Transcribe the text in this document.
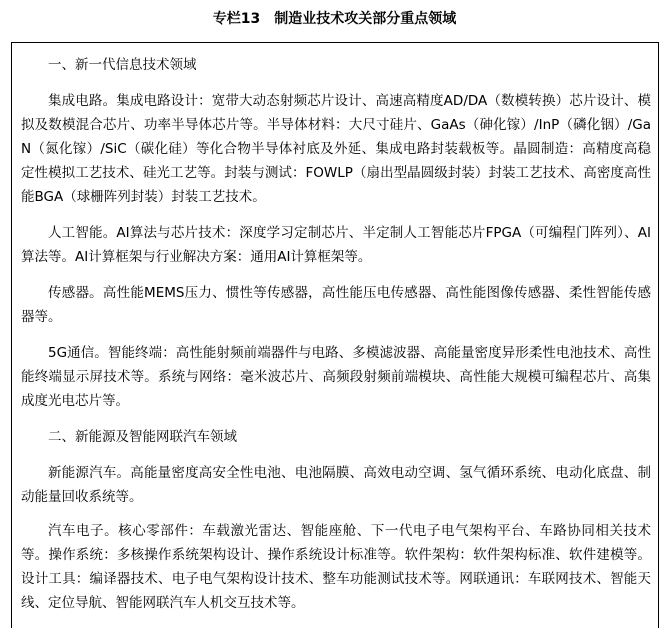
专栏13　制造业技术攻关部分重点领域

一、新一代信息技术领域

集成电路。集成电路设计：宽带大动态射频芯片设计、高速高精度AD/DA（数模转换）芯片设计、模拟及数模混合芯片、功率半导体芯片等。半导体材料：大尺寸硅片、GaAs（砷化镓）/InP（磷化铟）/GaN（氮化镓）/SiC（碳化硅）等化合物半导体衬底及外延、集成电路封装载板等。晶圆制造：高精度高稳定性模拟工艺技术、硅光工艺等。封装与测试：FOWLP（扇出型晶圆级封装）封装工艺技术、高密度高性能BGA（球栅阵列封装）封装工艺技术。

人工智能。AI算法与芯片技术：深度学习定制芯片、半定制人工智能芯片FPGA（可编程门阵列）、AI算法等。AI计算框架与行业解决方案：通用AI计算框架等。

传感器。高性能MEMS压力、惯性等传感器，高性能压电传感器、高性能图像传感器、柔性智能传感器等。

5G通信。智能终端：高性能射频前端器件与电路、多模滤波器、高能量密度异形柔性电池技术、高性能终端显示屏技术等。系统与网络：毫米波芯片、高频段射频前端模块、高性能大规模可编程芯片、高集成度光电芯片等。

二、新能源及智能网联汽车领域

新能源汽车。高能量密度高安全性电池、电池隔膜、高效电动空调、氢气循环系统、电动化底盘、制动能量回收系统等。

汽车电子。核心零部件：车载激光雷达、智能座舱、下一代电子电气架构平台、车路协同相关技术等。操作系统：多核操作系统架构设计、操作系统设计标准等。软件架构：软件架构标准、软件建模等。设计工具：编译器技术、电子电气架构设计技术、整车功能测试技术等。网联通讯：车联网技术、智能天线、定位导航、智能网联汽车人机交互技术等。
